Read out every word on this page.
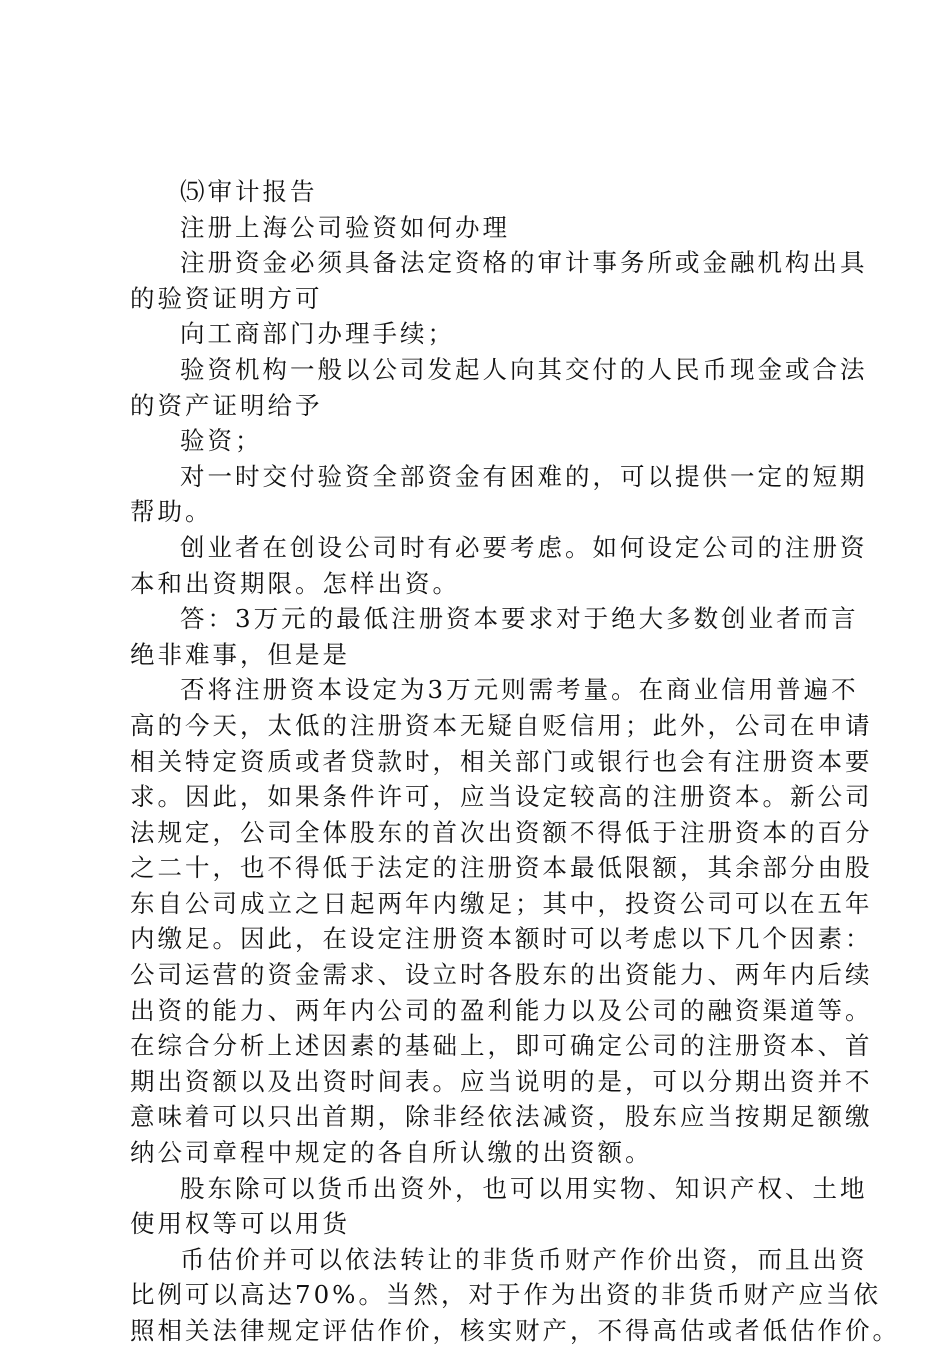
⑸审计报告

注册上海公司验资如何办理

注册资金必须具备法定资格的审计事务所或金融机构出具
的验资证明方可

向工商部门办理手续；

验资机构一般以公司发起人向其交付的人民币现金或合法
的资产证明给予

验资；

对一时交付验资全部资金有困难的，可以提供一定的短期
帮助。

创业者在创设公司时有必要考虑。如何设定公司的注册资
本和出资期限。怎样出资。

答：3万元的最低注册资本要求对于绝大多数创业者而言
绝非难事，但是是

否将注册资本设定为3万元则需考量。在商业信用普遍不
高的今天，太低的注册资本无疑自贬信用；此外，公司在申请
相关特定资质或者贷款时，相关部门或银行也会有注册资本要
求。因此，如果条件许可，应当设定较高的注册资本。新公司
法规定，公司全体股东的首次出资额不得低于注册资本的百分
之二十，也不得低于法定的注册资本最低限额，其余部分由股
东自公司成立之日起两年内缴足；其中，投资公司可以在五年
内缴足。因此，在设定注册资本额时可以考虑以下几个因素：
公司运营的资金需求、设立时各股东的出资能力、两年内后续
出资的能力、两年内公司的盈利能力以及公司的融资渠道等。
在综合分析上述因素的基础上，即可确定公司的注册资本、首
期出资额以及出资时间表。应当说明的是，可以分期出资并不
意味着可以只出首期，除非经依法减资，股东应当按期足额缴
纳公司章程中规定的各自所认缴的出资额。

股东除可以货币出资外，也可以用实物、知识产权、土地
使用权等可以用货

币估价并可以依法转让的非货币财产作价出资，而且出资
比例可以高达70%。当然，对于作为出资的非货币财产应当依
照相关法律规定评估作价，核实财产，不得高估或者低估作价。
